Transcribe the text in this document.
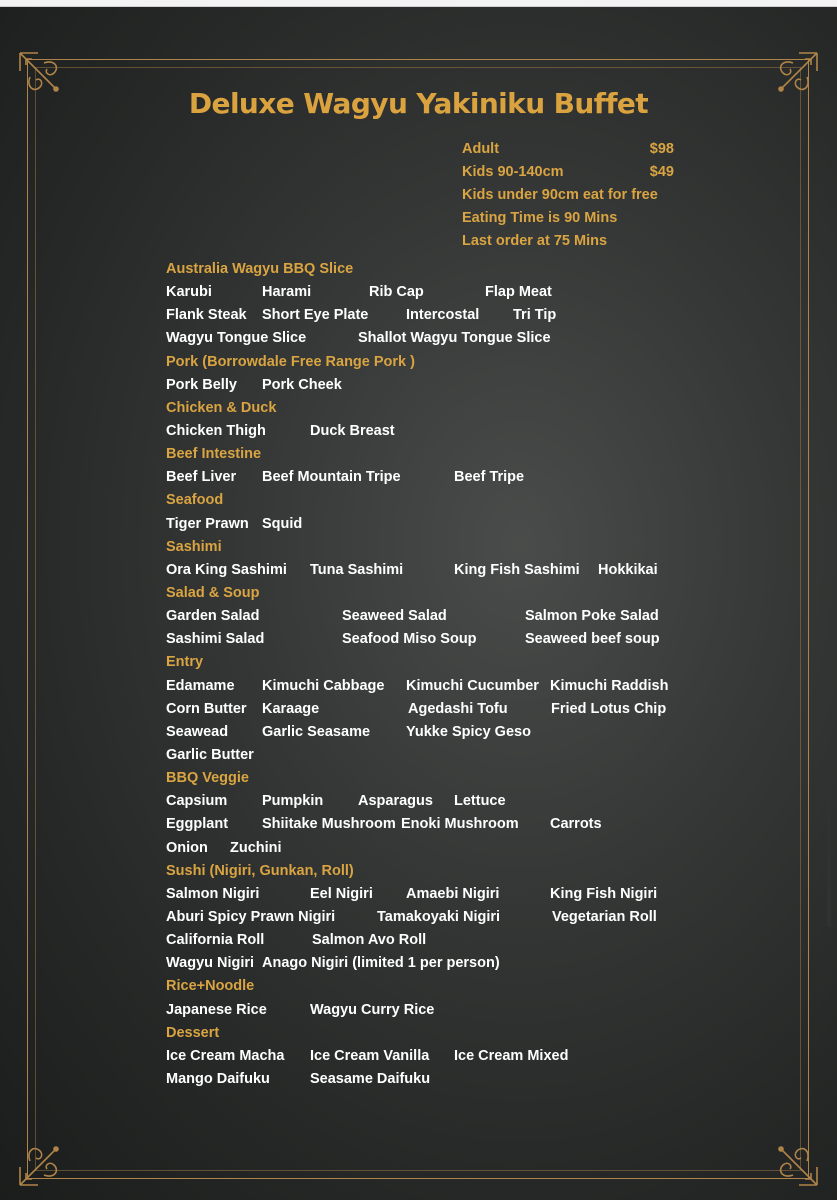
Deluxe Wagyu Yakiniku Buffet
Adult	$98
Kids 90-140cm	$49
Kids under 90cm eat for free
Eating Time is 90 Mins
Last order at 75 Mins
Australia Wagyu BBQ Slice
Karubi	Harami	Rib Cap	Flap Meat
Flank Steak Short Eye Plate	Intercostal Tri Tip
Wagyu Tongue Slice	Shallot Wagyu Tongue Slice
Pork (Borrowdale Free Range Pork )
Pork Belly Pork Cheek
Chicken & Duck
Chicken Thigh	Duck Breast
Beef Intestine
Beef Liver Beef Mountain Tripe	Beef Tripe
Seafood
Tiger Prawn Squid
Sashimi
Ora King Sashimi Tuna Sashimi	King Fish Sashimi Hokkikai
Salad & Soup
Garden Salad	Seaweed Salad	Salmon Poke Salad
Sashimi Salad	Seafood Miso Soup	Seaweed beef soup
Entry
Edamame Kimuchi Cabbage Kimuchi Cucumber Kimuchi Raddish
Corn Butter Karaage	Agedashi Tofu	Fried Lotus Chip
Seawead Garlic Seasame Yukke Spicy Geso
Garlic Butter
BBQ Veggie
Capsium Pumpkin Asparagus Lettuce
Eggplant Shiitake Mushroom Enoki Mushroom Carrots
Onion Zuchini
Sushi (Nigiri, Gunkan, Roll)
Salmon Nigiri	Eel Nigiri Amaebi Nigiri	King Fish Nigiri
Aburi Spicy Prawn Nigiri	Tamakoyaki Nigiri	Vegetarian Roll
California Roll	Salmon Avo Roll
Wagyu Nigiri Anago Nigiri (limited 1 per person)
Rice+Noodle
Japanese Rice	Wagyu Curry Rice
Dessert
Ice Cream Macha Ice Cream Vanilla Ice Cream Mixed
Mango Daifuku	Seasame Daifuku
